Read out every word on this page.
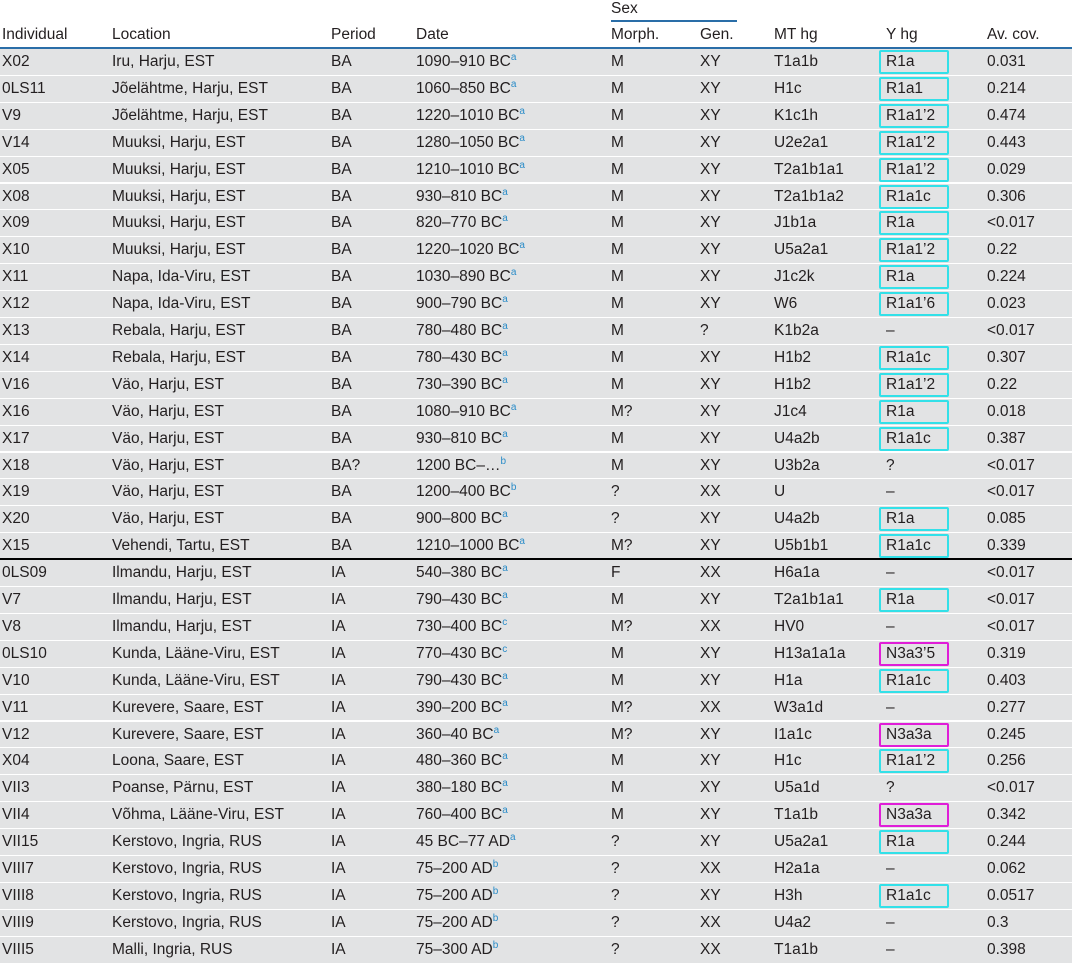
Sex
Individual	Location	Period	Date	Morph.	Gen.	MT hg	Y hg	Av. cov.
X02	Iru, Harju, EST	BA	1090–910 $BC^a$	M	XY	T1a1b	R1a	0.031
0LS11	Jõelähtme, Harju, EST	BA	1060–850 $BC^a$	M	XY	H1c	R1a1	0.214
V9	Jõelähtme, Harju, EST	BA	1220–1010 $BC^a$	M	XY	K1c1h	R1a1’2	0.474
V14	Muuksi, Harju, EST	BA	1280–1050 $BC^a$	M	XY	U2e2a1	R1a1’2	0.443
X05	Muuksi, Harju, EST	BA	1210–1010 $BC^a$	M	XY	T2a1b1a1	R1a1’2	0.029
X08	Muuksi, Harju, EST	BA	930–810 $BC^a$	M	XY	T2a1b1a2	R1a1c	0.306
X09	Muuksi, Harju, EST	BA	820–770 $BC^a$	M	XY	J1b1a	R1a	<0.017
X10	Muuksi, Harju, EST	BA	1220–1020 $BC^a$	M	XY	U5a2a1	R1a1’2	0.22
X11	Napa, Ida-Viru, EST	BA	1030–890 $BC^a$	M	XY	J1c2k	R1a	0.224
X12	Napa, Ida-Viru, EST	BA	900–790 $BC^a$	M	XY	W6	R1a1’6	0.023
X13	Rebala, Harju, EST	BA	780–480 $BC^a$	M	?	K1b2a	–	<0.017
X14	Rebala, Harju, EST	BA	780–430 $BC^a$	M	XY	H1b2	R1a1c	0.307
V16	Väo, Harju, EST	BA	730–390 $BC^a$	M	XY	H1b2	R1a1’2	0.22
X16	Väo, Harju, EST	BA	1080–910 $BC^a$	M?	XY	J1c4	R1a	0.018
X17	Väo, Harju, EST	BA	930–810 $BC^a$	M	XY	U4a2b	R1a1c	0.387
X18	Väo, Harju, EST	BA?	1200 BC–…$^b$	M	XY	U3b2a	?	<0.017
X19	Väo, Harju, EST	BA	1200–400 $BC^b$	?	XX	U	–	<0.017
X20	Väo, Harju, EST	BA	900–800 $BC^a$	?	XY	U4a2b	R1a	0.085
X15	Vehendi, Tartu, EST	BA	1210–1000 $BC^a$	M?	XY	U5b1b1	R1a1c	0.339
0LS09	Ilmandu, Harju, EST	IA	540–380 $BC^a$	F	XX	H6a1a	–	<0.017
V7	Ilmandu, Harju, EST	IA	790–430 $BC^a$	M	XY	T2a1b1a1	R1a	<0.017
V8	Ilmandu, Harju, EST	IA	730–400 $BC^c$	M?	XX	HV0	–	<0.017
0LS10	Kunda, Lääne-Viru, EST	IA	770–430 $BC^c$	M	XY	H13a1a1a	N3a3’5	0.319
V10	Kunda, Lääne-Viru, EST	IA	790–430 $BC^a$	M	XY	H1a	R1a1c	0.403
V11	Kurevere, Saare, EST	IA	390–200 $BC^a$	M?	XX	W3a1d	–	0.277
V12	Kurevere, Saare, EST	IA	360–40 $BC^a$	M?	XY	I1a1c	N3a3a	0.245
X04	Loona, Saare, EST	IA	480–360 $BC^a$	M	XY	H1c	R1a1’2	0.256
VII3	Poanse, Pärnu, EST	IA	380–180 $BC^a$	M	XY	U5a1d	?	<0.017
VII4	Võhma, Lääne-Viru, EST	IA	760–400 $BC^a$	M	XY	T1a1b	N3a3a	0.342
VII15	Kerstovo, Ingria, RUS	IA	45 BC–77 $AD^a$	?	XY	U5a2a1	R1a	0.244
VIII7	Kerstovo, Ingria, RUS	IA	75–200 $AD^b$	?	XX	H2a1a	–	0.062
VIII8	Kerstovo, Ingria, RUS	IA	75–200 $AD^b$	?	XY	H3h	R1a1c	0.0517
VIII9	Kerstovo, Ingria, RUS	IA	75–200 $AD^b$	?	XX	U4a2	–	0.3
VIII5	Malli, Ingria, RUS	IA	75–300 $AD^b$	?	XX	T1a1b	–	0.398
